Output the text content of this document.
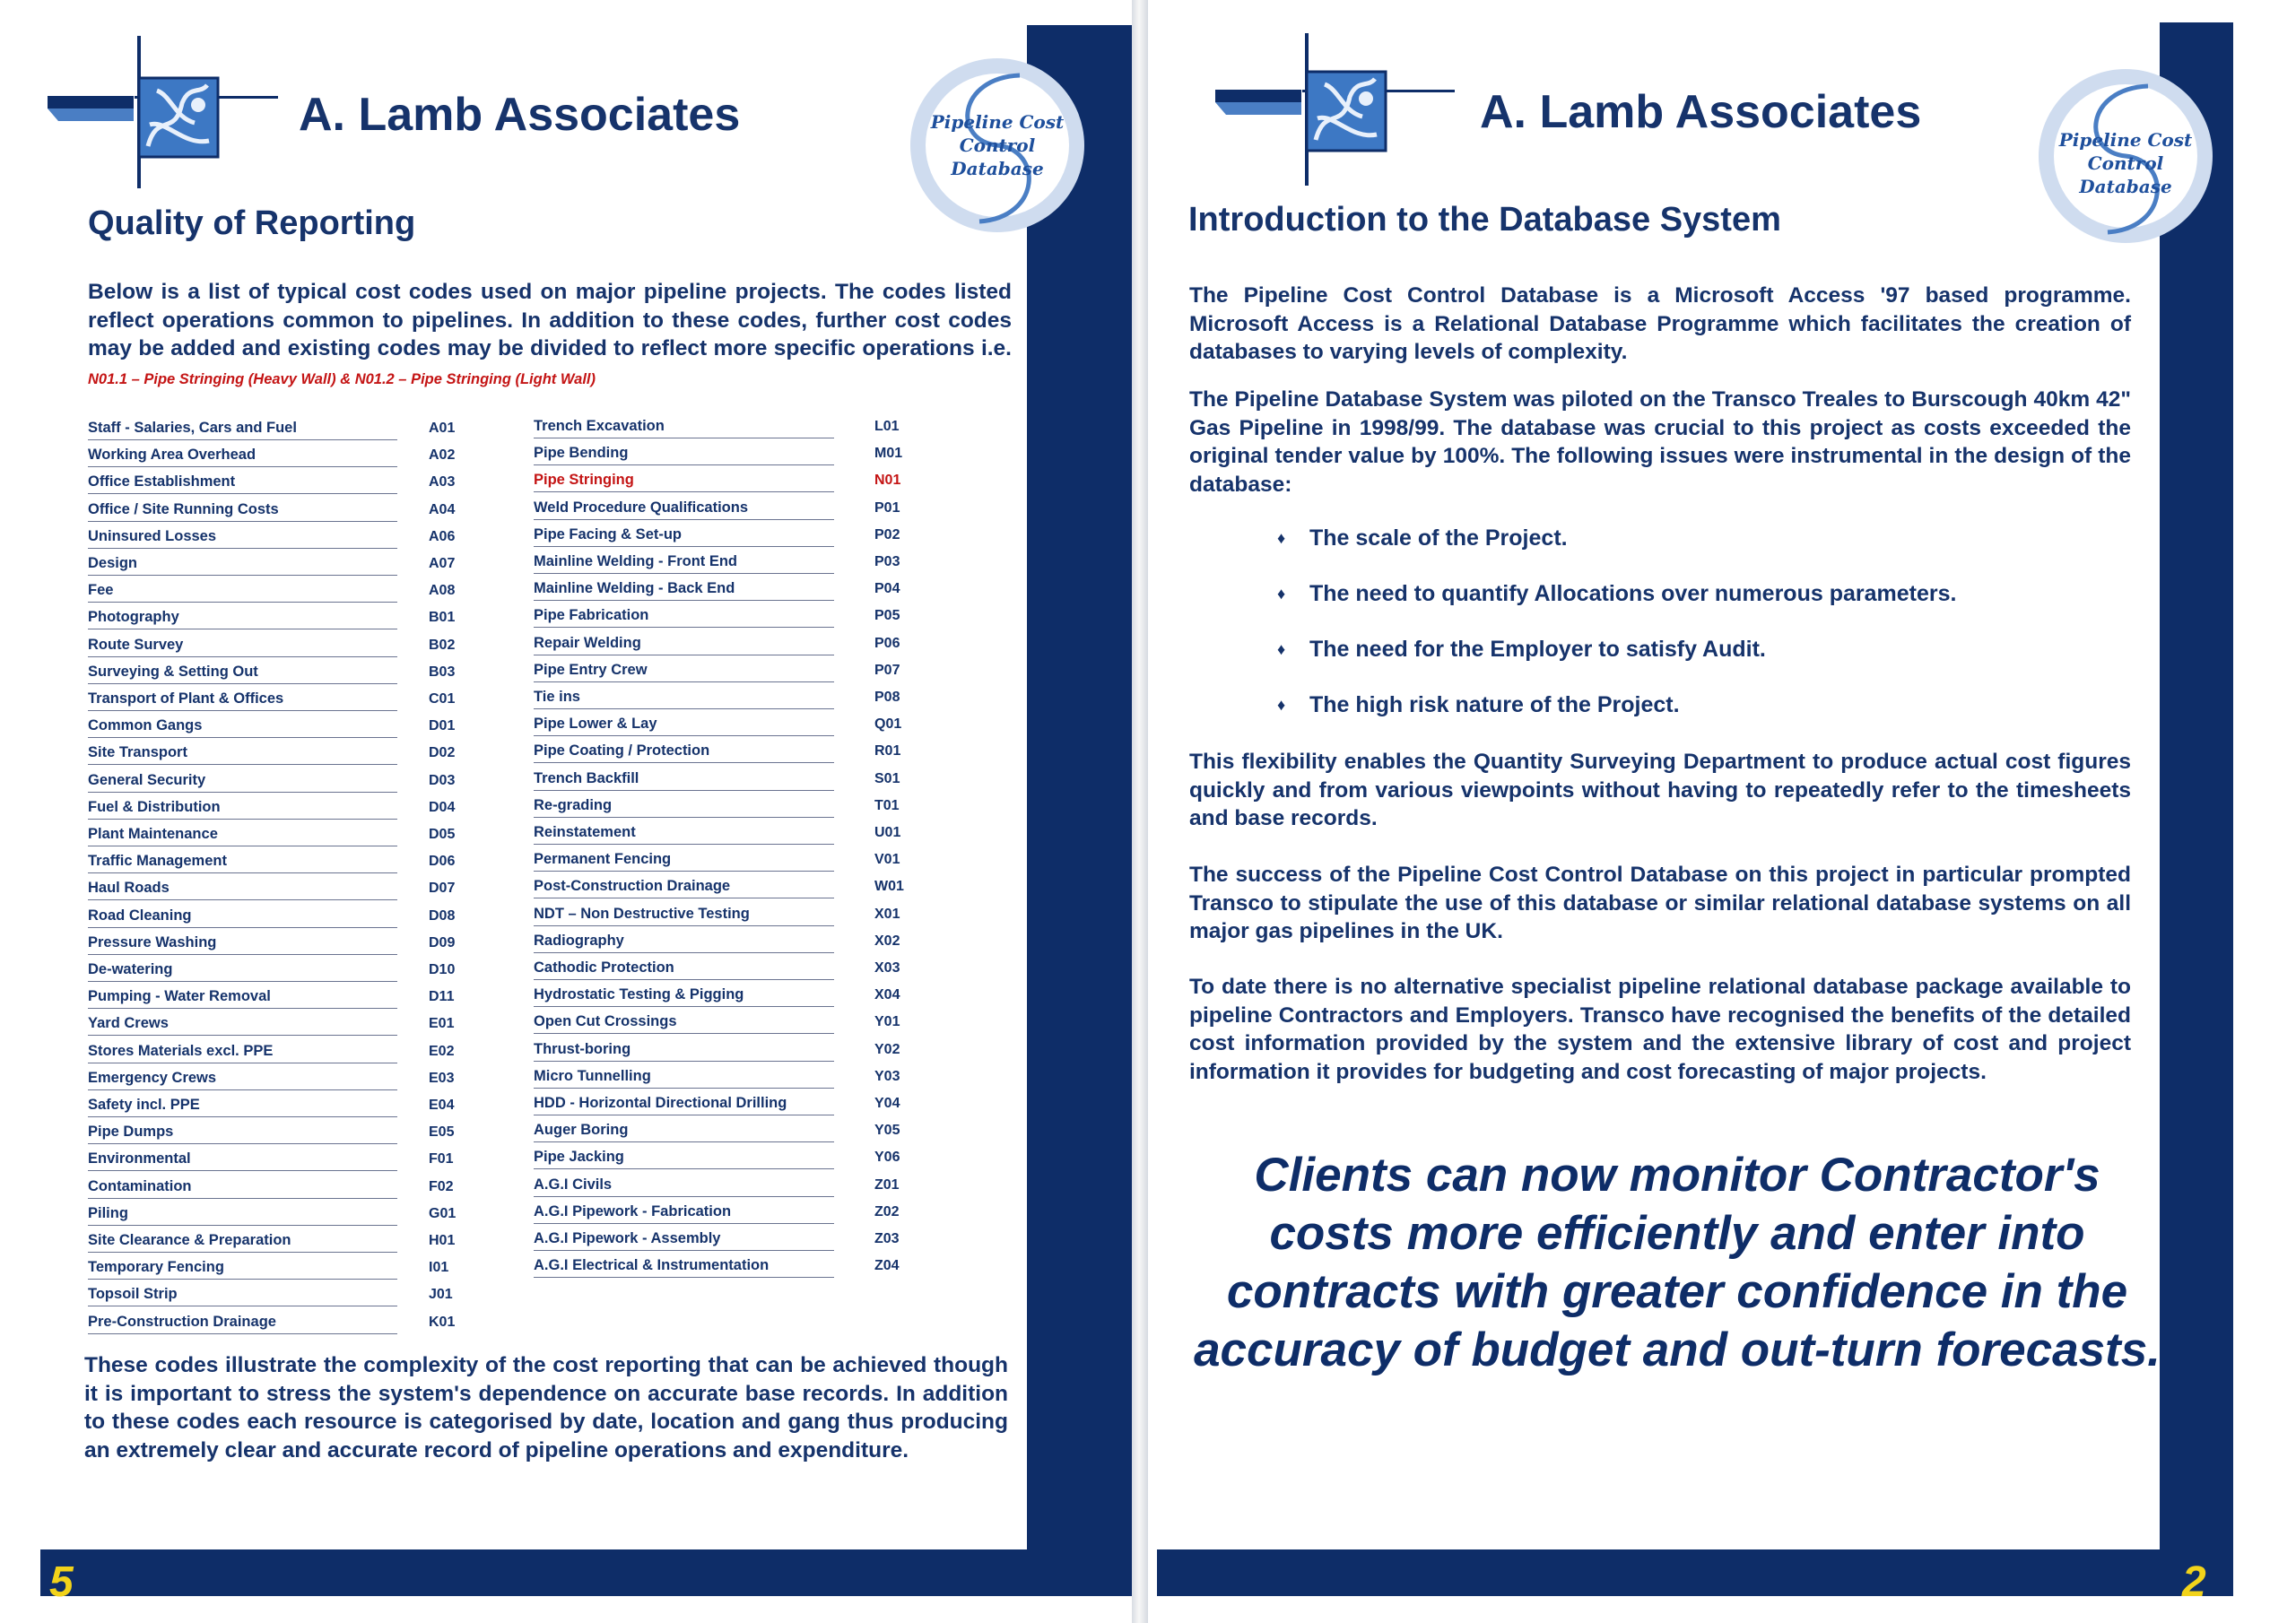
A. Lamb Associates	Pipeline Cost
Control
Database
Quality of Reporting
Below is a list of typical cost codes used on major pipeline projects. The codes listed reflect operations common to pipelines. In addition to these codes, further cost codes may be added and existing codes may be divided to reflect more specific operations i.e. N01.1 – Pipe Stringing (Heavy Wall) & N01.2 – Pipe Stringing (Light Wall)
Staff - Salaries, Cars and Fuel	A01
Working Area Overhead	A02
Office Establishment	A03
Office / Site Running Costs	A04
Uninsured Losses	A06
Design	A07
Fee	A08
Photography	B01
Route Survey	B02
Surveying & Setting Out	B03
Transport of Plant & Offices	C01
Common Gangs	D01
Site Transport	D02
General Security	D03
Fuel & Distribution	D04
Plant Maintenance	D05
Traffic Management	D06
Haul Roads	D07
Road Cleaning	D08
Pressure Washing	D09
De-watering	D10
Pumping - Water Removal	D11
Yard Crews	E01
Stores Materials excl. PPE	E02
Emergency Crews	E03
Safety incl. PPE	E04
Pipe Dumps	E05
Environmental	F01
Contamination	F02
Piling	G01
Site Clearance & Preparation	H01
Temporary Fencing	I01
Topsoil Strip	J01
Pre-Construction Drainage	K01
Trench Excavation	L01
Pipe Bending	M01
Pipe Stringing	N01
Weld Procedure Qualifications	P01
Pipe Facing & Set-up	P02
Mainline Welding - Front End	P03
Mainline Welding - Back End	P04
Pipe Fabrication	P05
Repair Welding	P06
Pipe Entry Crew	P07
Tie ins	P08
Pipe Lower & Lay	Q01
Pipe Coating / Protection	R01
Trench Backfill	S01
Re-grading	T01
Reinstatement	U01
Permanent Fencing	V01
Post-Construction Drainage	W01
NDT – Non Destructive Testing	X01
Radiography	X02
Cathodic Protection	X03
Hydrostatic Testing & Pigging	X04
Open Cut Crossings	Y01
Thrust-boring	Y02
Micro Tunnelling	Y03
HDD - Horizontal Directional Drilling	Y04
Auger Boring	Y05
Pipe Jacking	Y06
A.G.I Civils	Z01
A.G.I Pipework - Fabrication	Z02
A.G.I Pipework - Assembly	Z03
A.G.I Electrical & Instrumentation	Z04
These codes illustrate the complexity of the cost reporting that can be achieved though it is important to stress the system's dependence on accurate base records. In addition to these codes each resource is categorised by date, location and gang thus producing an extremely clear and accurate record of pipeline operations and expenditure.
5
A. Lamb Associates
Pipeline Cost
Control
Database
Introduction to the Database System
The Pipeline Cost Control Database is a Microsoft Access '97 based programme. Microsoft Access is a Relational Database Programme which facilitates the creation of databases to varying levels of complexity.
The Pipeline Database System was piloted on the Transco Treales to Burscough 40km 42" Gas Pipeline in 1998/99. The database was crucial to this project as costs exceeded the original tender value by 100%. The following issues were instrumental in the design of the database:
♦ The scale of the Project.
♦ The need to quantify Allocations over numerous parameters.
♦ The need for the Employer to satisfy Audit.
♦ The high risk nature of the Project.
This flexibility enables the Quantity Surveying Department to produce actual cost figures quickly and from various viewpoints without having to repeatedly refer to the timesheets and base records.
The success of the Pipeline Cost Control Database on this project in particular prompted Transco to stipulate the use of this database or similar relational database systems on all major gas pipelines in the UK.
To date there is no alternative specialist pipeline relational database package available to pipeline Contractors and Employers. Transco have recognised the benefits of the detailed cost information provided by the system and the extensive library of cost and project information it provides for budgeting and cost forecasting of major projects.
Clients can now monitor Contractor's costs more efficiently and enter into contracts with greater confidence in the accuracy of budget and out-turn forecasts.
2
